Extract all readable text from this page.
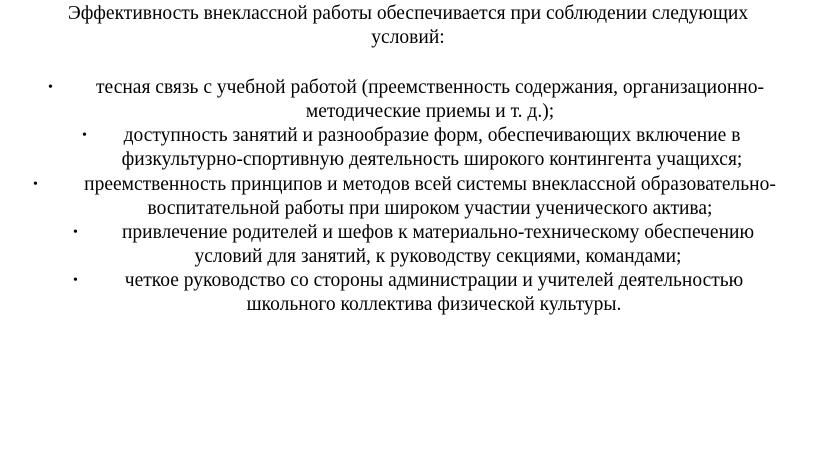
Эффективность внеклассной работы обеспечивается при соблюдении следующих
условий:
•	тесная связь с учебной работой (преемственность содержания, организационно-
методические приемы и т. д.);
•	доступность занятий и разнообразие форм, обеспечивающих включение в
физкультурно-спортивную деятельность широкого контингента учащихся;
•	преемственность принципов и методов всей системы внеклассной образовательно-
воспитательной работы при широком участии ученического актива;
•	привлечение родителей и шефов к материально-техническому обеспечению
условий для занятий, к руководству секциями, командами;
•	четкое руководство со стороны администрации и учителей деятельностью
школьного коллектива физической культуры.
